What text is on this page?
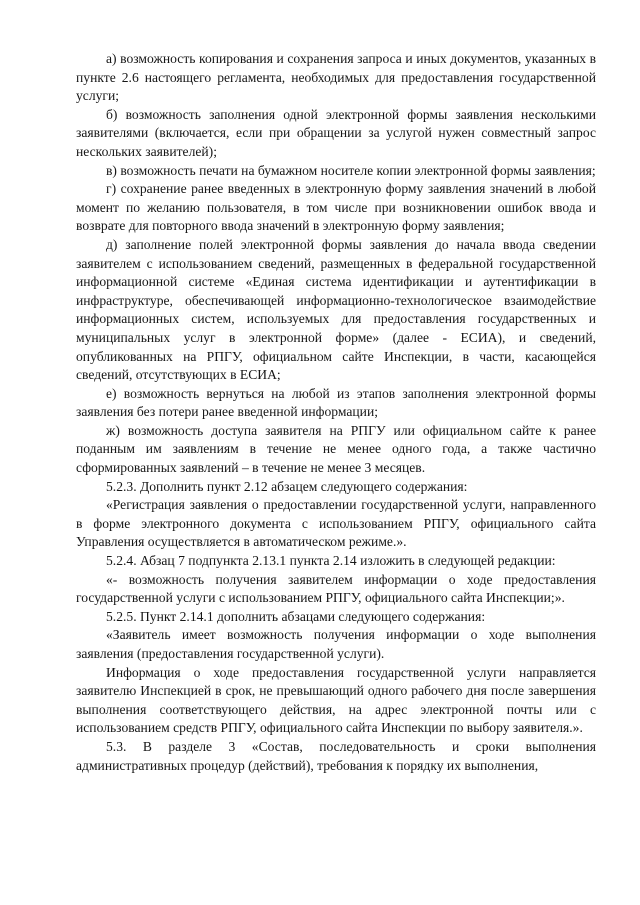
а) возможность копирования и сохранения запроса и иных документов, указанных в пункте 2.6 настоящего регламента, необходимых для предоставления государственной услуги;

б) возможность заполнения одной электронной формы заявления несколькими заявителями (включается, если при обращении за услугой нужен совместный запрос нескольких заявителей);

в) возможность печати на бумажном носителе копии электронной формы заявления;

г) сохранение ранее введенных в электронную форму заявления значений в любой момент по желанию пользователя, в том числе при возникновении ошибок ввода и возврате для повторного ввода значений в электронную форму заявления;

д) заполнение полей электронной формы заявления до начала ввода сведении заявителем с использованием сведений, размещенных в федеральной государственной информационной системе «Единая система идентификации и аутентификации в инфраструктуре, обеспечивающей информационно-технологическое взаимодействие информационных систем, используемых для предоставления государственных и муниципальных услуг в электронной форме» (далее - ЕСИА), и сведений, опубликованных на РПГУ, официальном сайте Инспекции, в части, касающейся сведений, отсутствующих в ЕСИА;

е) возможность вернуться на любой из этапов заполнения электронной формы заявления без потери ранее введенной информации;

ж) возможность доступа заявителя на РПГУ или официальном сайте к ранее поданным им заявлениям в течение не менее одного года, а также частично сформированных заявлений – в течение не менее 3 месяцев.

5.2.3. Дополнить пункт 2.12 абзацем следующего содержания:

«Регистрация заявления о предоставлении государственной услуги, направленного в форме электронного документа с использованием РПГУ, официального сайта Управления осуществляется в автоматическом режиме.».

5.2.4. Абзац 7 подпункта 2.13.1 пункта 2.14 изложить в следующей редакции:

«- возможность получения заявителем информации о ходе предоставления государственной услуги с использованием РПГУ, официального сайта Инспекции;».

5.2.5. Пункт 2.14.1 дополнить абзацами следующего содержания:

«Заявитель имеет возможность получения информации о ходе выполнения заявления (предоставления государственной услуги).

Информация о ходе предоставления государственной услуги направляется заявителю Инспекцией в срок, не превышающий одного рабочего дня после завершения выполнения соответствующего действия, на адрес электронной почты или с использованием средств РПГУ, официального сайта Инспекции по выбору заявителя.».

5.3. В разделе 3 «Состав, последовательность и сроки выполнения административных процедур (действий), требования к порядку их выполнения,
